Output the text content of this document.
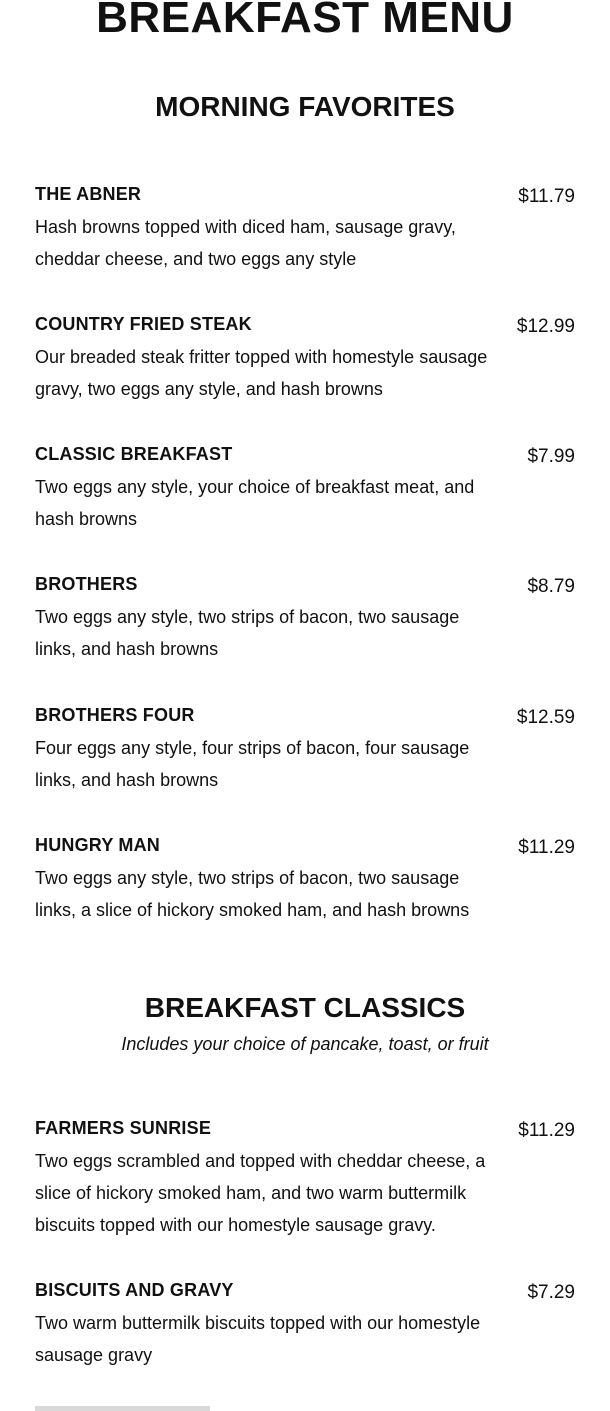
BREAKFAST MENU
MORNING FAVORITES
THE ABNER	$11.79
Hash browns topped with diced ham, sausage gravy, cheddar cheese, and two eggs any style
COUNTRY FRIED STEAK	$12.99
Our breaded steak fritter topped with homestyle sausage gravy, two eggs any style, and hash browns
CLASSIC BREAKFAST	$7.99
Two eggs any style, your choice of breakfast meat, and hash browns
BROTHERS	$8.79
Two eggs any style, two strips of bacon, two sausage links, and hash browns
BROTHERS FOUR	$12.59
Four eggs any style, four strips of bacon, four sausage links, and hash browns
HUNGRY MAN	$11.29
Two eggs any style, two strips of bacon, two sausage links, a slice of hickory smoked ham, and hash browns
BREAKFAST CLASSICS

Includes your choice of pancake, toast, or fruit

FARMERS SUNRISE	$11.29
Two eggs scrambled and topped with cheddar cheese, a slice of hickory smoked ham, and two warm buttermilk biscuits topped with our homestyle sausage gravy.
BISCUITS AND GRAVY	$7.29
Two warm buttermilk biscuits topped with our homestyle sausage gravy
